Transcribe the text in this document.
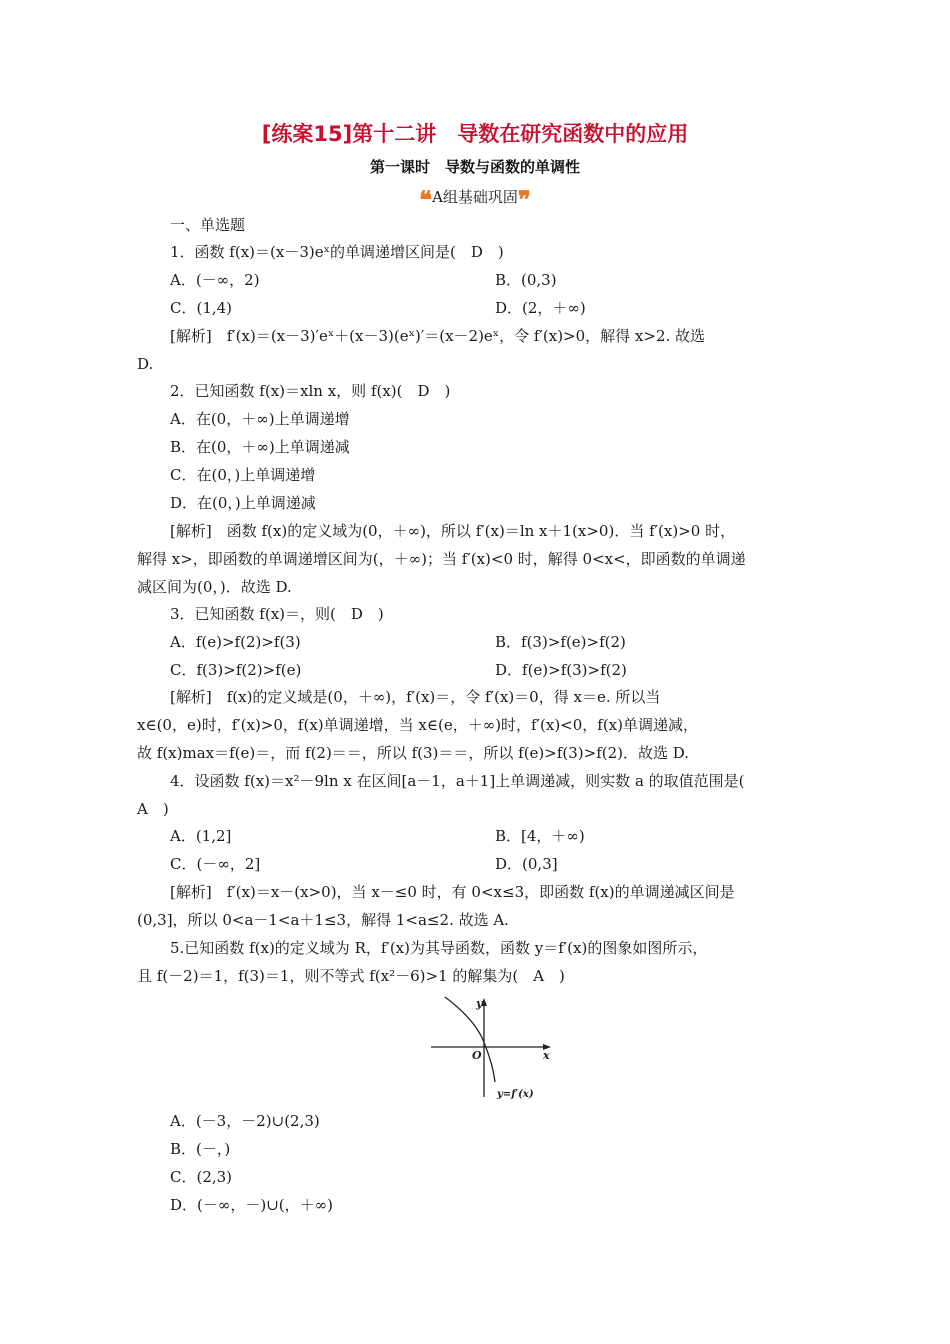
[练案15]第十二讲　导数在研究函数中的应用
第一课时　导数与函数的单调性
❝A组基础巩固❞
一、单选题
1．函数 f(x)＝(x－3)eˣ的单调递增区间是(　D　)
A．(－∞，2)	B．(0,3)
C．(1,4)	D．(2，＋∞)
[解析]　f′(x)＝(x－3)′eˣ＋(x－3)(eˣ)′＝(x－2)eˣ，令 f′(x)>0，解得 x>2. 故选
D.
2．已知函数 f(x)＝xln x，则 f(x)(　D　)
A．在(0，＋∞)上单调递增
B．在(0，＋∞)上单调递减
C．在(0，)上单调递增
D．在(0，)上单调递减
[解析]　函数 f(x)的定义域为(0，＋∞)，所以 f′(x)＝ln x＋1(x>0)．当 f′(x)>0 时，
解得 x>，即函数的单调递增区间为(，＋∞)；当 f′(x)<0 时，解得 0<x<，即函数的单调递
减区间为(0，)．故选 D.
3．已知函数 f(x)＝，则(　D　)
A．f(e)>f(2)>f(3)	B．f(3)>f(e)>f(2)
C．f(3)>f(2)>f(e)	D．f(e)>f(3)>f(2)
[解析]　f(x)的定义域是(0，＋∞)，f′(x)＝，令 f′(x)＝0，得 x＝e. 所以当
x∈(0，e)时，f′(x)>0，f(x)单调递增，当 x∈(e，＋∞)时，f′(x)<0，f(x)单调递减，
故 f(x)max＝f(e)＝，而 f(2)＝＝，所以 f(3)＝＝，所以 f(e)>f(3)>f(2)．故选 D.
4．设函数 f(x)＝x²－9ln x 在区间[a－1，a＋1]上单调递减，则实数 a 的取值范围是(
A　)
A．(1,2]	B．[4，＋∞)
C．(－∞，2]	D．(0,3]
[解析]　f′(x)＝x－(x>0)，当 x－≤0 时，有 0<x≤3，即函数 f(x)的单调递减区间是
(0,3]，所以 0<a－1<a＋1≤3，解得 1<a≤2. 故选 A.
5.已知函数 f(x)的定义域为 R，f′(x)为其导函数，函数 y＝f′(x)的图象如图所示，
且 f(－2)＝1，f(3)＝1，则不等式 f(x²－6)>1 的解集为(　A　)
y
x
O
y=f′(x)
A．(－3，－2)∪(2,3)
B．(－，)
C．(2,3)
D．(－∞，－)∪(，＋∞)
